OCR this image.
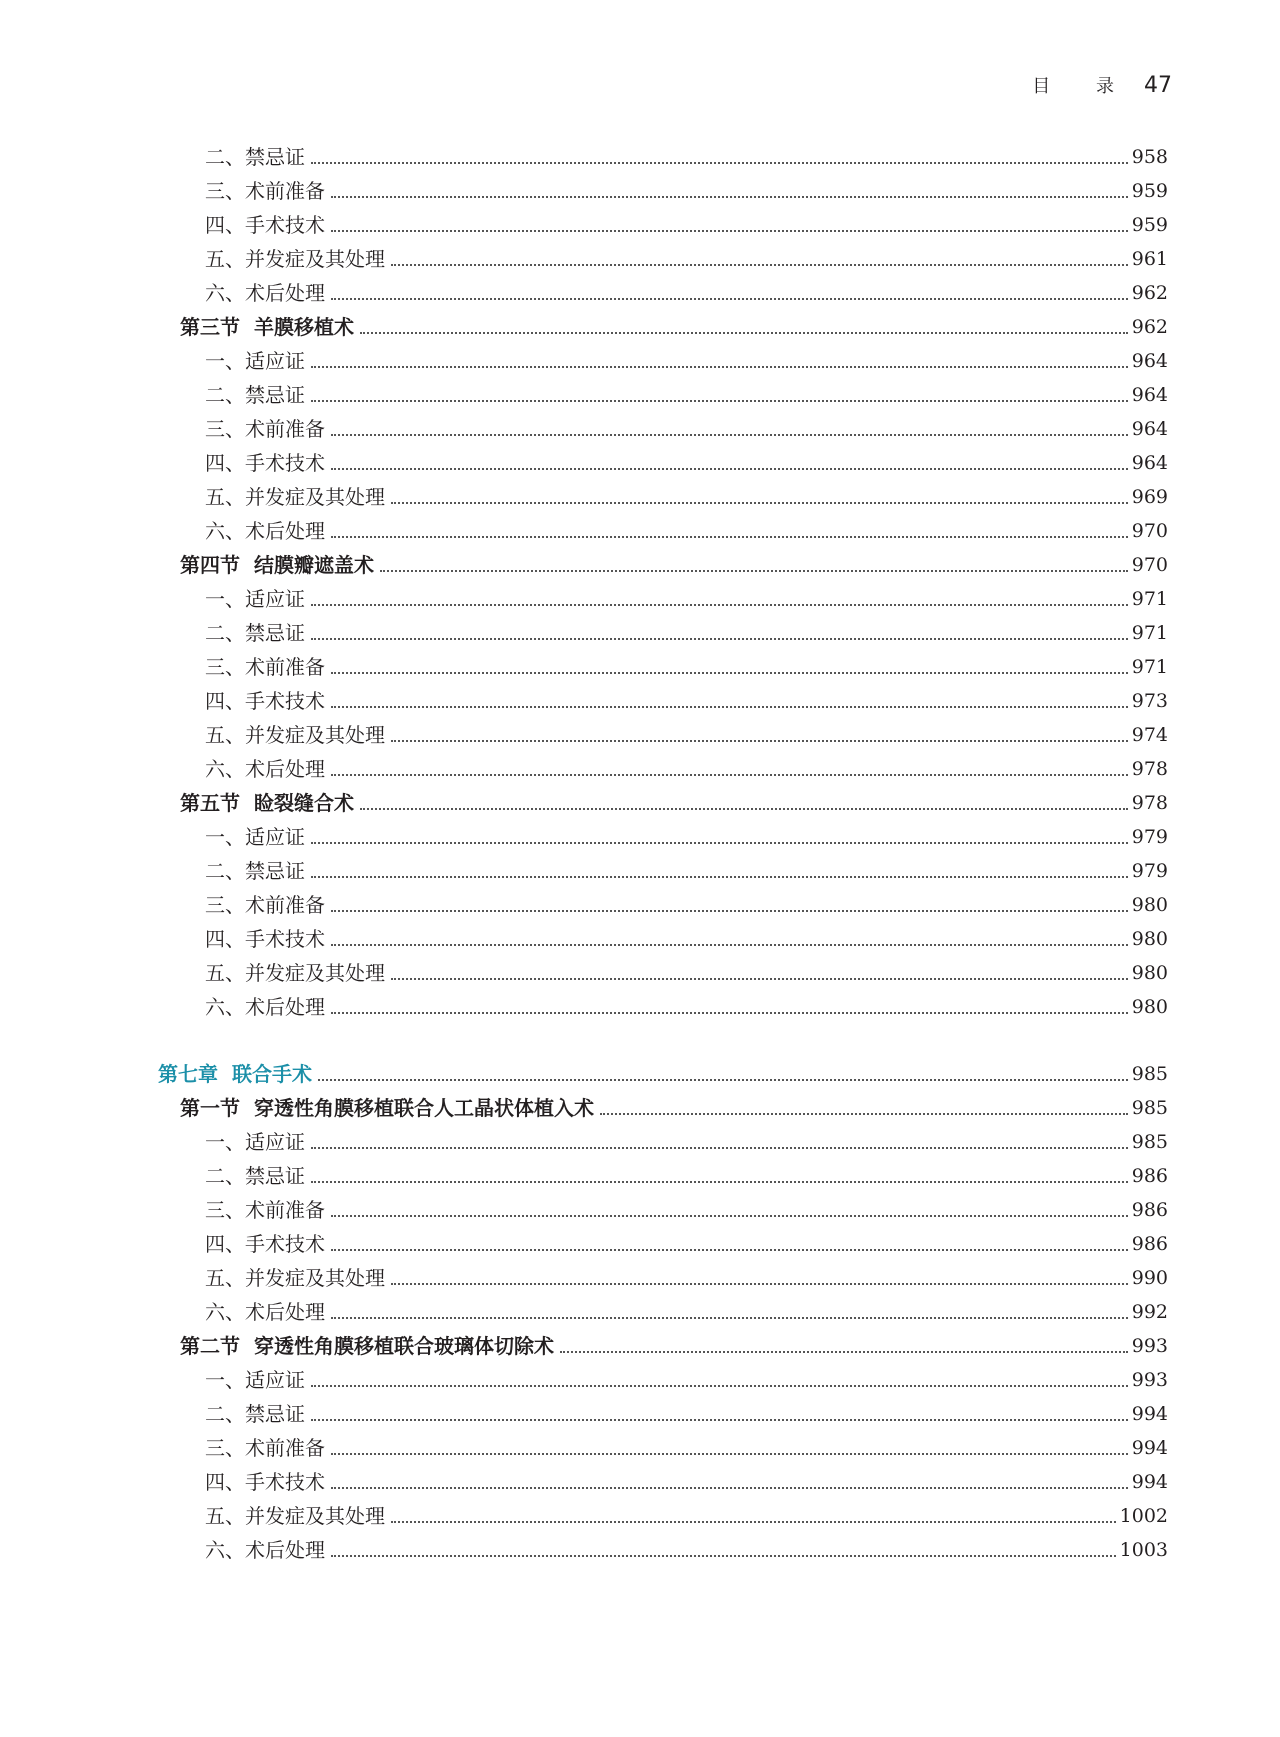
目 录 47
二、禁忌证	958
三、术前准备	959
四、手术技术	959
五、并发症及其处理	961
六、术后处理	962
第三节 羊膜移植术	962
一、适应证	964
二、禁忌证	964
三、术前准备	964
四、手术技术	964
五、并发症及其处理	969
六、术后处理	970
第四节 结膜瓣遮盖术	970
一、适应证	971
二、禁忌证	971
三、术前准备	971
四、手术技术	973
五、并发症及其处理	974
六、术后处理	978
第五节 睑裂缝合术	978
一、适应证	979
二、禁忌证	979
三、术前准备	980
四、手术技术	980
五、并发症及其处理	980
六、术后处理	980
第七章 联合手术	985
第一节 穿透性角膜移植联合人工晶状体植入术	985
一、适应证	985
二、禁忌证	986
三、术前准备	986
四、手术技术	986
五、并发症及其处理	990
六、术后处理	992
第二节 穿透性角膜移植联合玻璃体切除术	993
一、适应证	993
二、禁忌证	994
三、术前准备	994
四、手术技术	994
五、并发症及其处理	1002
六、术后处理	1003
